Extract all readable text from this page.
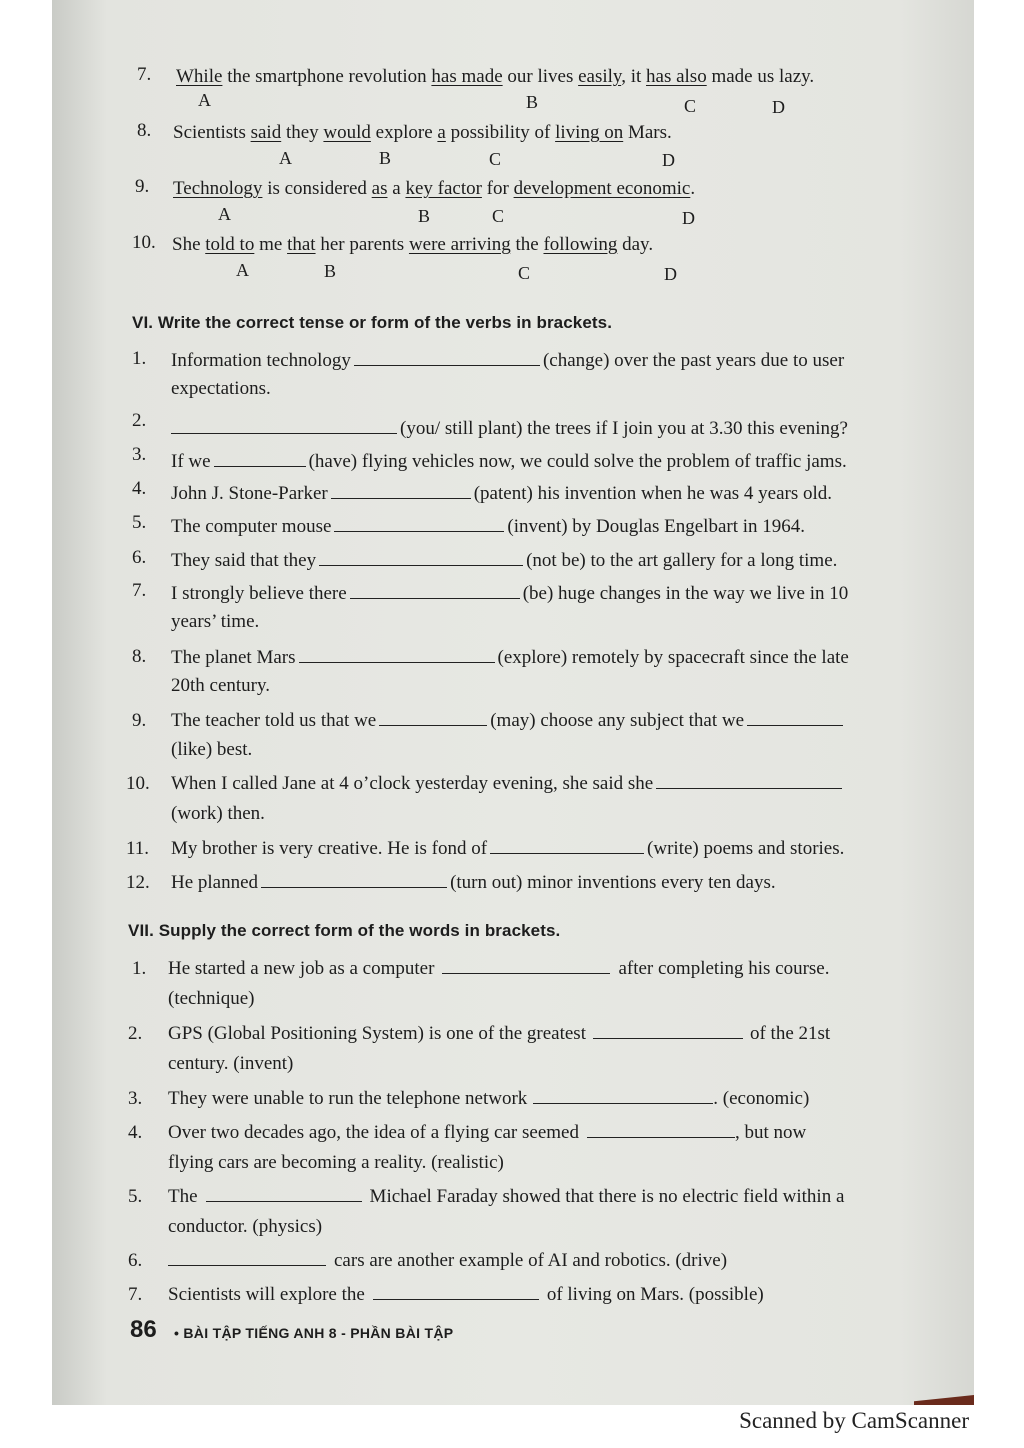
7. While the smartphone revolution has made our lives easily, it has also made us lazy.
A	B	C	D
8. Scientists said they would explore a possibility of living on Mars.
A	B	C	D
9. Technology is considered as a key factor for development economic.
A	B	C	D
10. She told to me that her parents were arriving the following day.
A	B	C	D
VI. Write the correct tense or form of the verbs in brackets.
1. Information technology	(change) over the past years due to user
expectations.
2.	(you/ still plant) the trees if I join you at 3.30 this evening?
3. If we	(have) flying vehicles now, we could solve the problem of traffic jams.
4. John J. Stone-Parker	(patent) his invention when he was 4 years old.
5. The computer mouse	(invent) by Douglas Engelbart in 1964.
6. They said that they	(not be) to the art gallery for a long time.
7. I strongly believe there	(be) huge changes in the way we live in 10
years’ time.
8. The planet Mars	(explore) remotely by spacecraft since the late
20th century.
9. The teacher told us that we	(may) choose any subject that we
(like) best.
10. When I called Jane at 4 o’clock yesterday evening, she said she
(work) then.
11. My brother is very creative. He is fond of	(write) poems and stories.
12. He planned	(turn out) minor inventions every ten days.
VII. Supply the correct form of the words in brackets.
1. He started a new job as a computer	after completing his course.
(technique)
2. GPS (Global Positioning System) is one of the greatest	of the 21st
century. (invent)
3. They were unable to run the telephone network	. (economic)
4. Over two decades ago, the idea of a flying car seemed	, but now
flying cars are becoming a reality. (realistic)
5. The	Michael Faraday showed that there is no electric field within a
conductor. (physics)
6.	cars are another example of AI and robotics. (drive)
7. Scientists will explore the	of living on Mars. (possible)
86 • BÀI TẬP TIẾNG ANH 8 - PHẦN BÀI TẬP
Scanned by CamScanner
